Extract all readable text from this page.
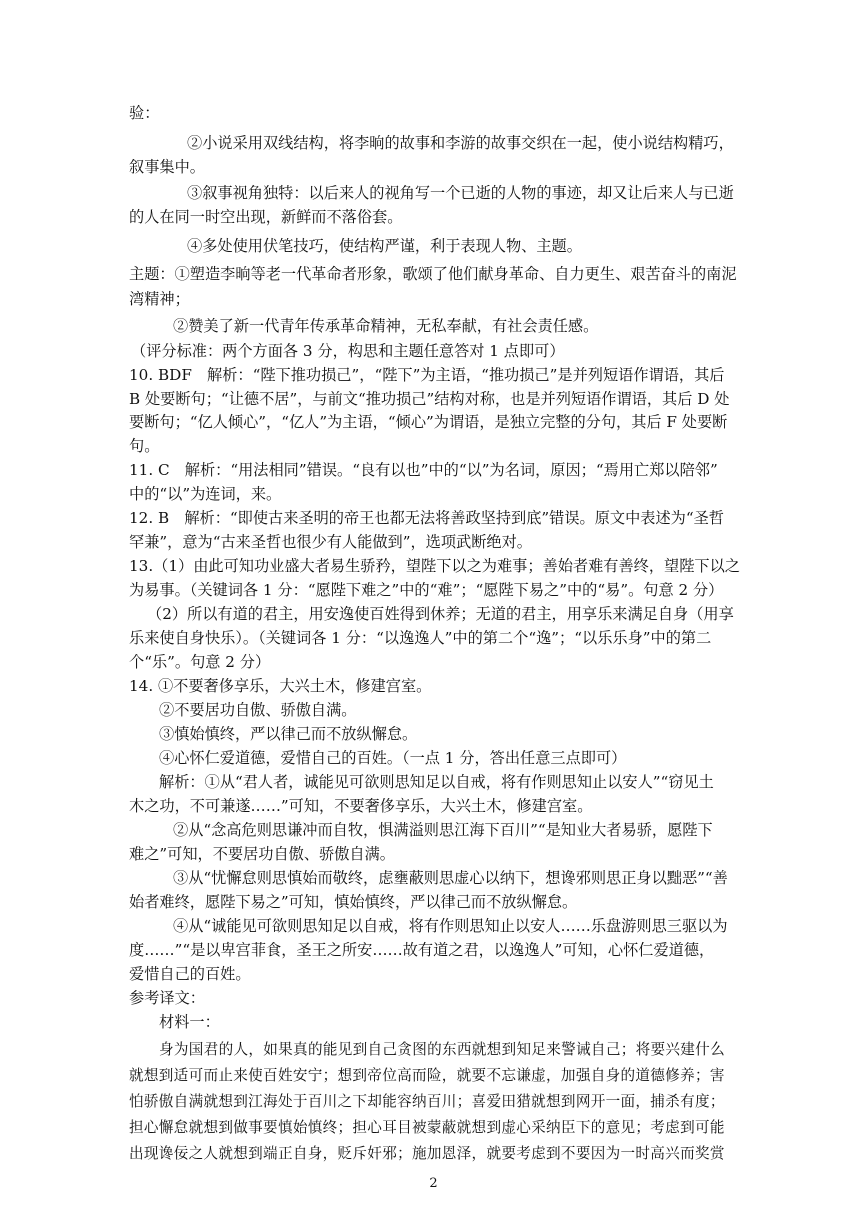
验：
②小说采用双线结构，将李晌的故事和李游的故事交织在一起，使小说结构精巧，
叙事集中。
③叙事视角独特：以后来人的视角写一个已逝的人物的事迹，却又让后来人与已逝
的人在同一时空出现，新鲜而不落俗套。
④多处使用伏笔技巧，使结构严谨，利于表现人物、主题。
主题：①塑造李晌等老一代革命者形象，歌颂了他们献身革命、自力更生、艰苦奋斗的南泥
湾精神；
②赞美了新一代青年传承革命精神，无私奉献，有社会责任感。
（评分标准：两个方面各 3 分，构思和主题任意答对 1 点即可）
10. BDF　解析：“陛下推功损己”，“陛下”为主语，“推功损己”是并列短语作谓语，其后
B 处要断句；“让德不居”，与前文“推功损己”结构对称，也是并列短语作谓语，其后 D 处
要断句；“亿人倾心”，“亿人”为主语，“倾心”为谓语，是独立完整的分句，其后 F 处要断
句。
11. C　解析：“用法相同”错误。“良有以也”中的“以”为名词，原因；“焉用亡郑以陪邻”
中的“以”为连词，来。
12. B　解析：“即使古来圣明的帝王也都无法将善政坚持到底”错误。原文中表述为“圣哲
罕兼”，意为“古来圣哲也很少有人能做到”，选项武断绝对。
13.（1）由此可知功业盛大者易生骄矜，望陛下以之为难事；善始者难有善终，望陛下以之
为易事。（关键词各 1 分：“愿陛下难之”中的“难”；“愿陛下易之”中的“易”。句意 2 分）
（2）所以有道的君主，用安逸使百姓得到休养；无道的君主，用享乐来满足自身（用享
乐来使自身快乐）。（关键词各 1 分：“以逸逸人”中的第二个“逸”；“以乐乐身”中的第二
个“乐”。句意 2 分）
14. ①不要奢侈享乐，大兴土木，修建宫室。
②不要居功自傲、骄傲自满。
③慎始慎终，严以律己而不放纵懈怠。
④心怀仁爱道德，爱惜自己的百姓。（一点 1 分，答出任意三点即可）
解析：①从“君人者，诚能见可欲则思知足以自戒，将有作则思知止以安人”“窃见土
木之功，不可兼遂……”可知，不要奢侈享乐，大兴土木，修建宫室。
②从“念高危则思谦冲而自牧，惧满溢则思江海下百川”“是知业大者易骄，愿陛下
难之”可知，不要居功自傲、骄傲自满。
③从“忧懈怠则思慎始而敬终，虑壅蔽则思虚心以纳下，想谗邪则思正身以黜恶”“善
始者难终，愿陛下易之”可知，慎始慎终，严以律己而不放纵懈怠。
④从“诚能见可欲则思知足以自戒，将有作则思知止以安人……乐盘游则思三驱以为
度……”“是以卑宫菲食，圣王之所安……故有道之君，以逸逸人”可知，心怀仁爱道德，
爱惜自己的百姓。
参考译文：
材料一：
身为国君的人，如果真的能见到自己贪图的东西就想到知足来警诫自己；将要兴建什么
就想到适可而止来使百姓安宁；想到帝位高而险，就要不忘谦虚，加强自身的道德修养；害
怕骄傲自满就想到江海处于百川之下却能容纳百川；喜爱田猎就想到网开一面，捕杀有度；
担心懈怠就想到做事要慎始慎终；担心耳目被蒙蔽就想到虚心采纳臣下的意见；考虑到可能
出现谗佞之人就想到端正自身，贬斥奸邪；施加恩泽，就要考虑到不要因为一时高兴而奖赏
2
